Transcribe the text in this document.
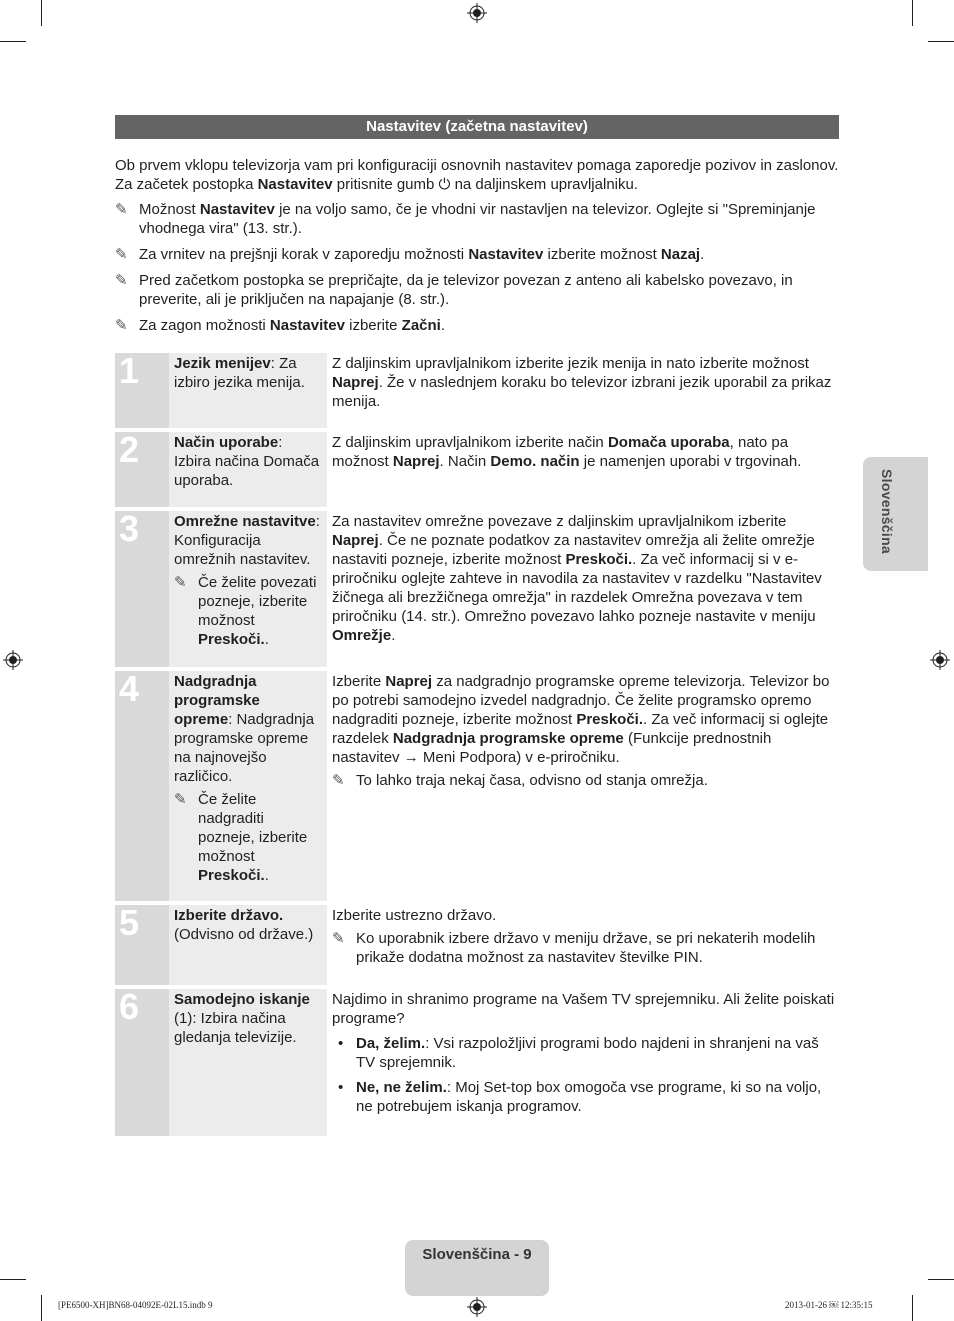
Nastavitev (začetna nastavitev)

Ob prvem vklopu televizorja vam pri konfiguraciji osnovnih nastavitev pomaga zaporedje pozivov in zaslonov. Za začetek postopka Nastavitev pritisnite gumb ⏻ na daljinskem upravljalniku.

✎ Možnost Nastavitev je na voljo samo, če je vhodni vir nastavljen na televizor. Oglejte si "Spreminjanje vhodnega vira" (13. str.).
✎ Za vrnitev na prejšnji korak v zaporedju možnosti Nastavitev izberite možnost Nazaj.
✎ Pred začetkom postopka se prepričajte, da je televizor povezan z anteno ali kabelsko povezavo, in preverite, ali je priključen na napajanje (8. str.).
✎ Za zagon možnosti Nastavitev izberite Začni.
1	Jezik menijev: Za izbiro jezika menija.
Z daljinskim upravljalnikom izberite jezik menija in nato izberite možnost Naprej. Že v naslednjem koraku bo televizor izbrani jezik uporabil za prikaz menija.
2	Način uporabe: Izbira načina Domača uporaba.
Z daljinskim upravljalnikom izberite način Domača uporaba, nato pa možnost Naprej. Način Demo. način je namenjen uporabi v trgovinah.
3	Omrežne nastavitve: Konfiguracija omrežnih nastavitev.
✎ Če želite povezati pozneje, izberite možnost Preskoči..
Za nastavitev omrežne povezave z daljinskim upravljalnikom izberite Naprej. Če ne poznate podatkov za nastavitev omrežja ali želite omrežje nastaviti pozneje, izberite možnost Preskoči.. Za več informacij si v e-priročniku oglejte zahteve in navodila za nastavitev v razdelku "Nastavitev žičnega ali brezžičnega omrežja" in razdelek Omrežna povezava v tem priročniku (14. str.). Omrežno povezavo lahko pozneje nastavite v meniju Omrežje.
4	Nadgradnja programske opreme: Nadgradnja programske opreme na najnovejšo različico.
✎ Če želite nadgraditi pozneje, izberite možnost Preskoči..
Izberite Naprej za nadgradnjo programske opreme televizorja. Televizor bo po potrebi samodejno izvedel nadgradnjo. Če želite programsko opremo nadgraditi pozneje, izberite možnost Preskoči.. Za več informacij si oglejte razdelek Nadgradnja programske opreme (Funkcije prednostnih nastavitev → Meni Podpora) v e-priročniku.
✎ To lahko traja nekaj časa, odvisno od stanja omrežja.
5	Izberite državo. (Odvisno od države.)
Izberite ustrezno državo.
✎ Ko uporabnik izbere državo v meniju države, se pri nekaterih modelih prikaže dodatna možnost za nastavitev številke PIN.
6	Samodejno iskanje (1): Izbira načina gledanja televizije.
Najdimo in shranimo programe na Vašem TV sprejemniku. Ali želite poiskati programe?
• Da, želim.: Vsi razpoložljivi programi bodo najdeni in shranjeni na vaš TV sprejemnik.
• Ne, ne želim.: Moj Set-top box omogoča vse programe, ki so na voljo, ne potrebujem iskanja programov.
Slovenščina
Slovenščina - 9
[PE6500-XH]BN68-04092E-02L15.indb 9	2013-01-26 ￼ 12:35:15
